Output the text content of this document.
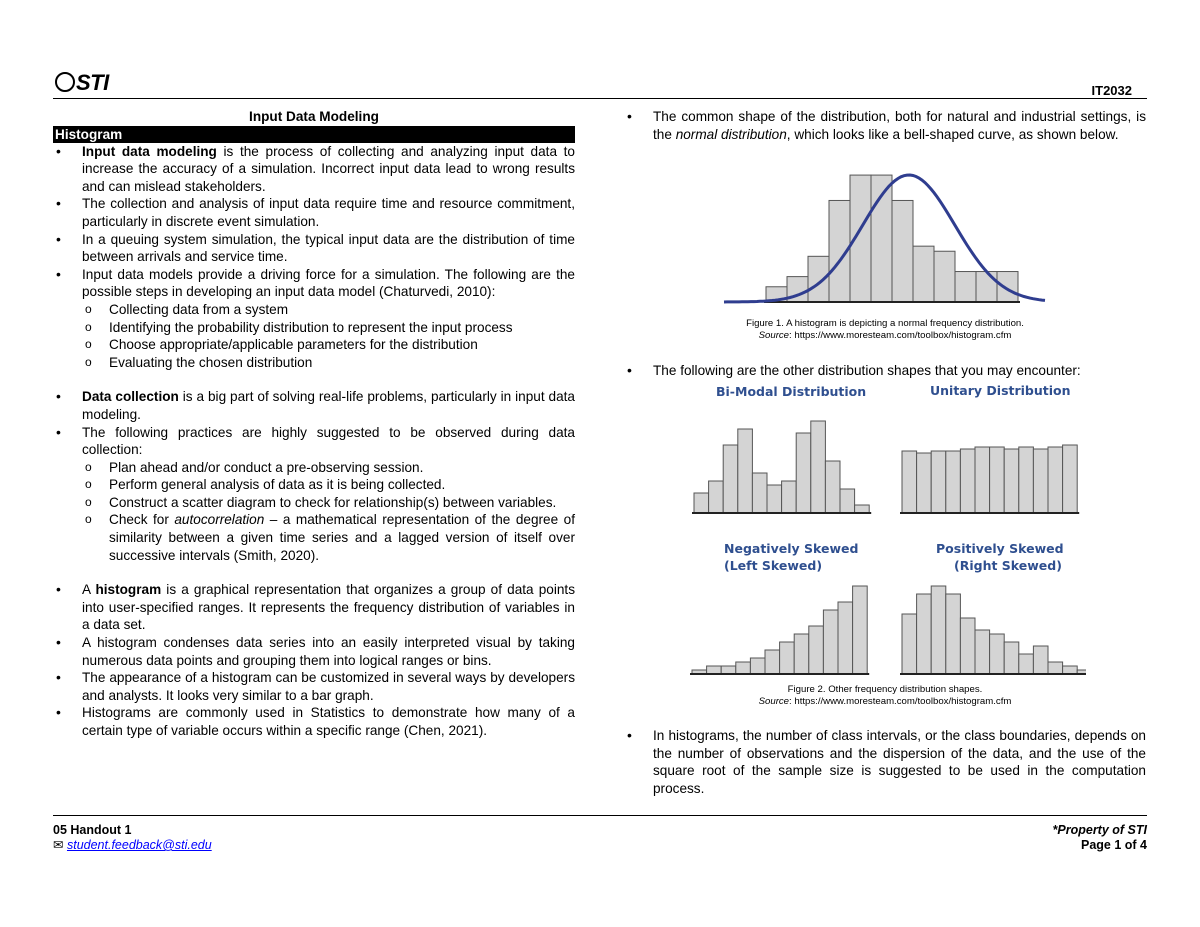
STI	IT2032
Input Data Modeling
Histogram
• Input data modeling is the process of collecting and analyzing input data to increase the accuracy of a simulation. Incorrect input data lead to wrong results and can mislead stakeholders.
• The collection and analysis of input data require time and resource commitment, particularly in discrete event simulation.
• In a queuing system simulation, the typical input data are the distribution of time between arrivals and service time.
• Input data models provide a driving force for a simulation. The following are the possible steps in developing an input data model (Chaturvedi, 2010):
o Collecting data from a system
o Identifying the probability distribution to represent the input process
o Choose appropriate/applicable parameters for the distribution
o Evaluating the chosen distribution
• Data collection is a big part of solving real-life problems, particularly in input data modeling.
• The following practices are highly suggested to be observed during data collection:
o Plan ahead and/or conduct a pre-observing session.
o Perform general analysis of data as it is being collected.
o Construct a scatter diagram to check for relationship(s) between variables.
o Check for autocorrelation – a mathematical representation of the degree of similarity between a given time series and a lagged version of itself over successive intervals (Smith, 2020).
• A histogram is a graphical representation that organizes a group of data points into user-specified ranges. It represents the frequency distribution of variables in a data set.
• A histogram condenses data series into an easily interpreted visual by taking numerous data points and grouping them into logical ranges or bins.
• The appearance of a histogram can be customized in several ways by developers and analysts. It looks very similar to a bar graph.
• Histograms are commonly used in Statistics to demonstrate how many of a certain type of variable occurs within a specific range (Chen, 2021).
• The common shape of the distribution, both for natural and industrial settings, is the normal distribution, which looks like a bell-shaped curve, as shown below.
Figure 1. A histogram is depicting a normal frequency distribution.
Source: https://www.moresteam.com/toolbox/histogram.cfm
• The following are the other distribution shapes that you may encounter:
Bi-Modal Distribution	Unitary Distribution
Negatively Skewed
(Left Skewed)
Positively Skewed
(Right Skewed)
Figure 2. Other frequency distribution shapes.
Source: https://www.moresteam.com/toolbox/histogram.cfm
• In histograms, the number of class intervals, or the class boundaries, depends on the number of observations and the dispersion of the data, and the use of the square root of the sample size is suggested to be used in the computation process.
05 Handout 1
✉ student.feedback@sti.edu
*Property of STI
Page 1 of 4
